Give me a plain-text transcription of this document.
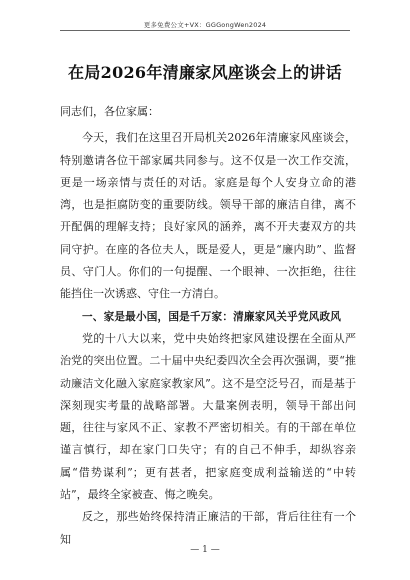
更多免费公文+VX：GGGongWen2024
在局2026年清廉家风座谈会上的讲话

同志们，各位家属：

今天，我们在这里召开局机关2026年清廉家风座谈会，特别邀请各位干部家属共同参与。这不仅是一次工作交流，更是一场亲情与责任的对话。家庭是每个人安身立命的港湾，也是拒腐防变的重要防线。领导干部的廉洁自律，离不开配偶的理解支持；良好家风的涵养，离不开夫妻双方的共同守护。在座的各位夫人，既是爱人，更是“廉内助”、监督员、守门人。你们的一句提醒、一个眼神、一次拒绝，往往能挡住一次诱惑、守住一方清白。

一、家是最小国，国是千万家：清廉家风关乎党风政风

党的十八大以来，党中央始终把家风建设摆在全面从严治党的突出位置。二十届中央纪委四次全会再次强调，要“推动廉洁文化融入家庭家教家风”。这不是空泛号召，而是基于深刻现实考量的战略部署。大量案例表明，领导干部出问题，往往与家风不正、家教不严密切相关。有的干部在单位谨言慎行，却在家门口失守；有的自己不伸手，却纵容亲属“借势谋利”；更有甚者，把家庭变成利益输送的“中转站”，最终全家被查、悔之晚矣。

反之，那些始终保持清正廉洁的干部，背后往往有一个知

— 1 —
